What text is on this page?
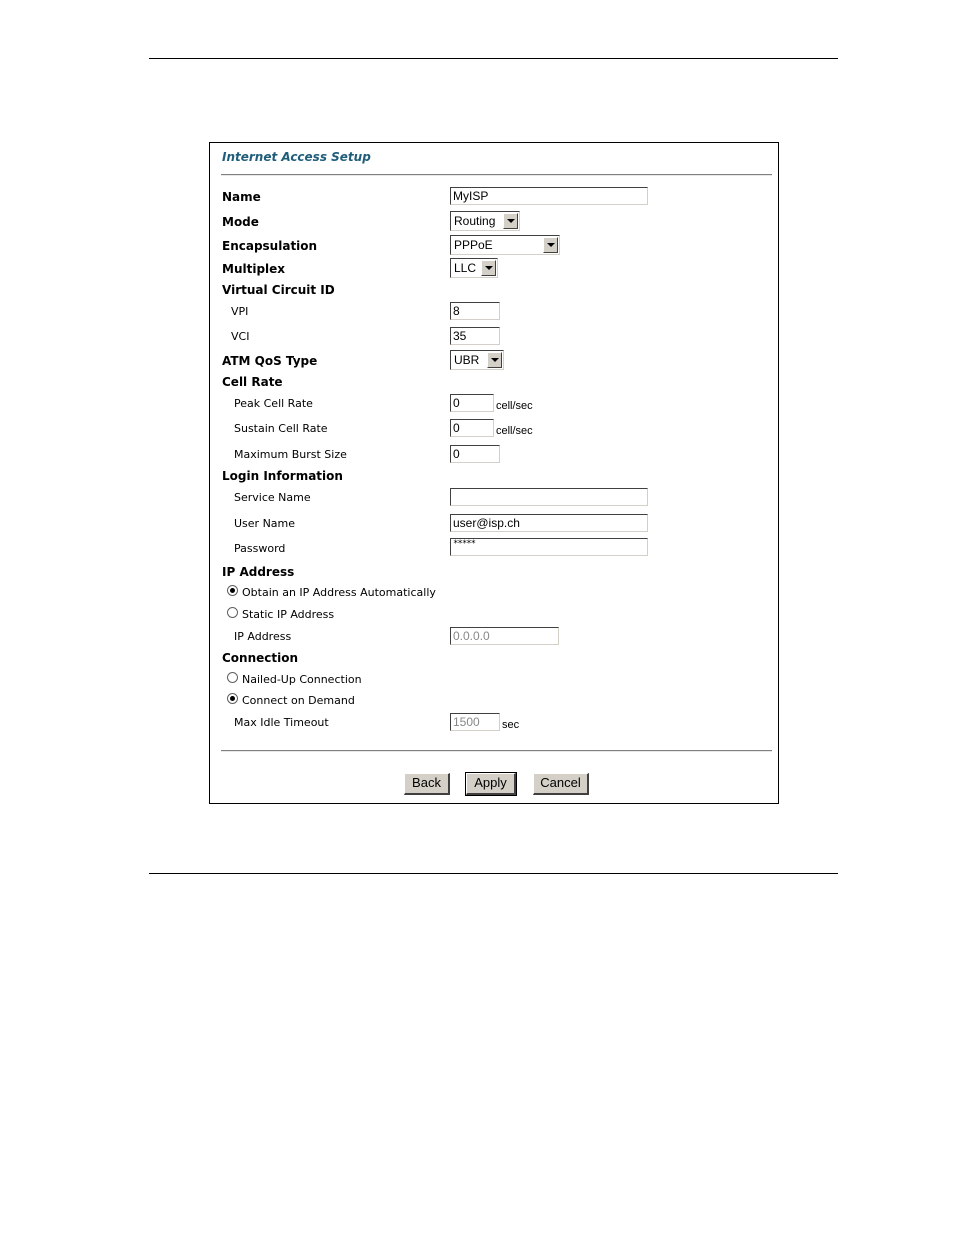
Internet Access Setup
Name	MyISP
Mode	Routing
Encapsulation	PPPoE
Multiplex	LLC
Virtual Circuit ID
VPI	8
VCI	35
ATM QoS Type	UBR
Cell Rate
Peak Cell Rate	0	cell/sec
Sustain Cell Rate	0	cell/sec
Maximum Burst Size	0
Login Information
Service Name
User Name	user@isp.ch
Password	*****
IP Address
Obtain an IP Address Automatically
Static IP Address
IP Address	0.0.0.0
Connection
Nailed-Up Connection
Connect on Demand
Max Idle Timeout	1500	sec
Back	Apply	Cancel
